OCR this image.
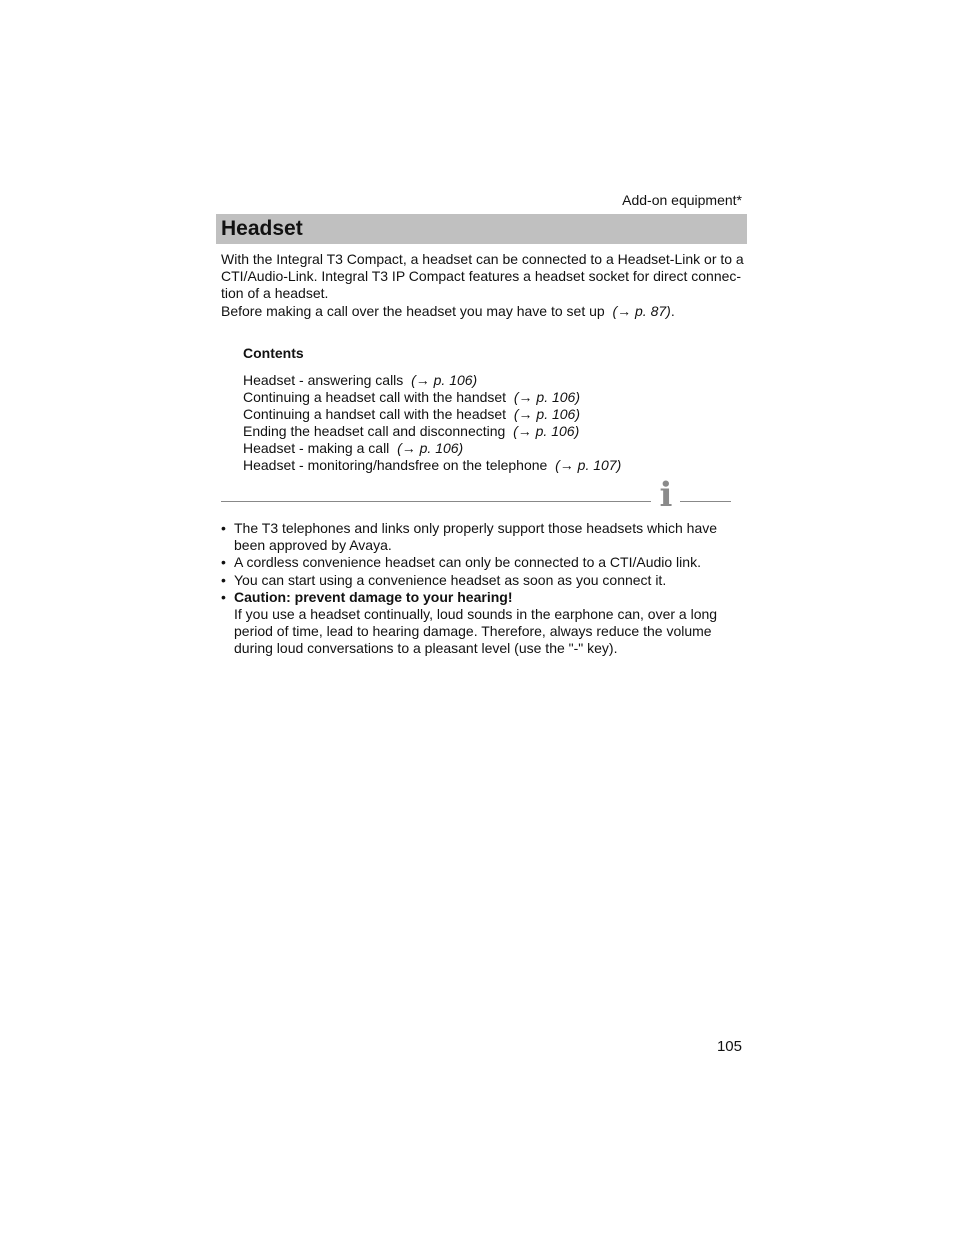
Add-on equipment*
Headset

With the Integral T3 Compact, a headset can be connected to a Headset-Link or to a

CTI/Audio-Link. Integral T3 IP Compact features a headset socket for direct connec-

tion of a headset.

Before making a call over the headset you may have to set up (→ p. 87).

Contents
Headset - answering calls (→ p. 106)
Continuing a headset call with the handset (→ p. 106)
Continuing a handset call with the headset (→ p. 106)
Ending the headset call and disconnecting (→ p. 106)
Headset - making a call (→ p. 106)
Headset - monitoring/handsfree on the telephone (→ p. 107)
i
• The T3 telephones and links only properly support those headsets which have
been approved by Avaya.
• A cordless convenience headset can only be connected to a CTI/Audio link.
• You can start using a convenience headset as soon as you connect it.
• Caution: prevent damage to your hearing!
If you use a headset continually, loud sounds in the earphone can, over a long
period of time, lead to hearing damage. Therefore, always reduce the volume
during loud conversations to a pleasant level (use the "-" key).
105
